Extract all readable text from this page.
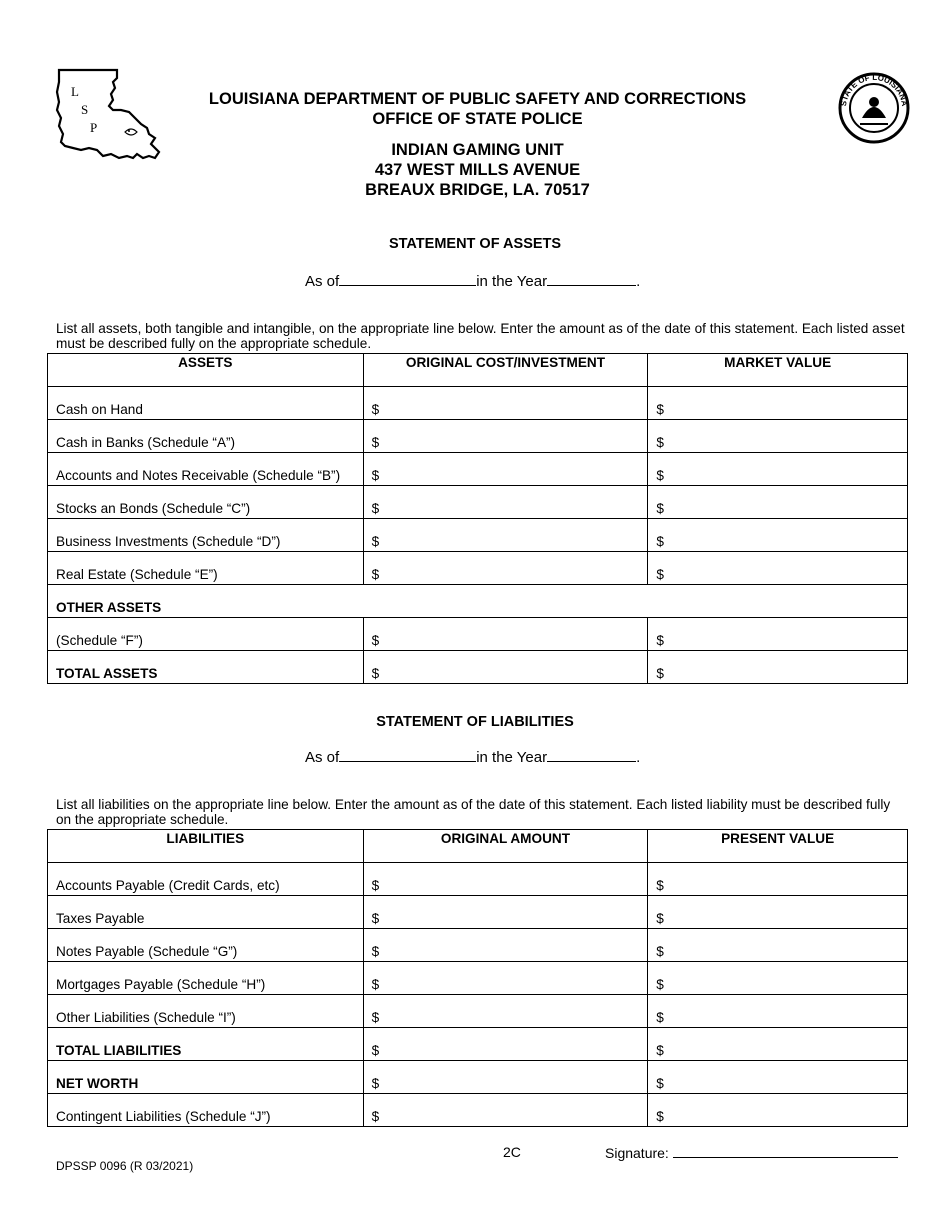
L
S
P
STATE OF LOUISIANA
LOUISIANA DEPARTMENT OF PUBLIC SAFETY AND CORRECTIONS
OFFICE OF STATE POLICE
INDIAN GAMING UNIT
437 WEST MILLS AVENUE
BREAUX BRIDGE, LA. 70517
STATEMENT OF ASSETS
As of	in the Year	.
List all assets, both tangible and intangible, on the appropriate line below. Enter the amount as of the date of this statement. Each listed asset must be described fully on the appropriate schedule.
ASSETS	ORIGINAL COST/INVESTMENT	MARKET VALUE
Cash on Hand	$	$
Cash in Banks (Schedule “A”)	$	$
Accounts and Notes Receivable (Schedule “B”)	$	$
Stocks an Bonds (Schedule “C”)	$	$
Business Investments (Schedule “D”)	$	$
Real Estate (Schedule “E”)	$	$
OTHER ASSETS		
(Schedule “F”)	$	$
TOTAL ASSETS	$	$
STATEMENT OF LIABILITIES
As of	in the Year	.
List all liabilities on the appropriate line below. Enter the amount as of the date of this statement. Each listed liability must be described fully on the appropriate schedule.
LIABILITIES	ORIGINAL AMOUNT	PRESENT VALUE
Accounts Payable (Credit Cards, etc)	$	$
Taxes Payable	$	$
Notes Payable (Schedule “G”)	$	$
Mortgages Payable (Schedule “H”)	$	$
Other Liabilities (Schedule “I”)	$	$
TOTAL LIABILITIES	$	$
NET WORTH	$	$
Contingent Liabilities (Schedule “J”)	$	$
2C	Signature:
DPSSP 0096 (R 03/2021)
